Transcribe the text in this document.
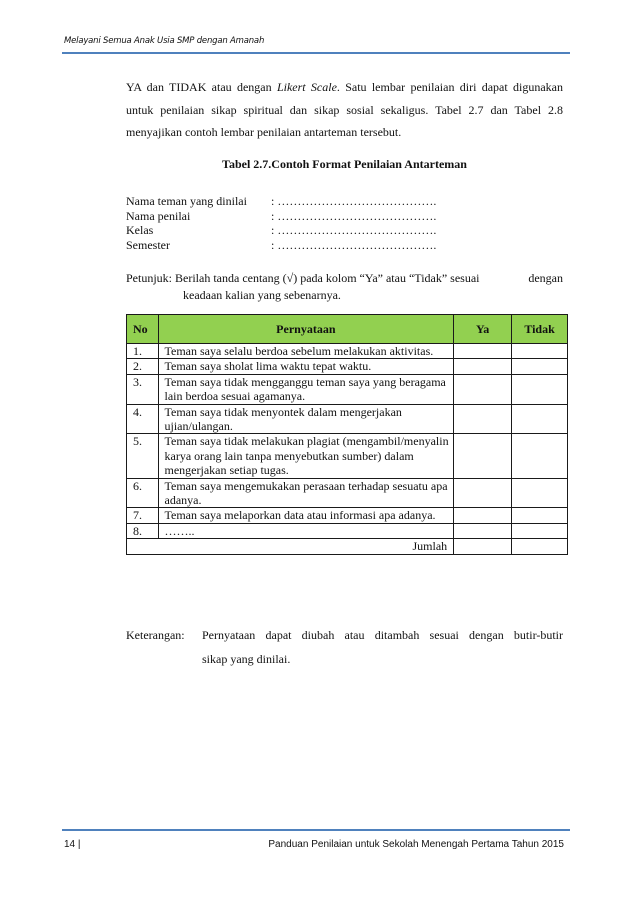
Melayani Semua Anak Usia SMP dengan Amanah
YA dan TIDAK atau dengan Likert Scale. Satu lembar penilaian diri dapat digunakan untuk penilaian sikap spiritual dan sikap sosial sekaligus. Tabel 2.7 dan Tabel 2.8 menyajikan contoh lembar penilaian antarteman tersebut.
Tabel 2.7.Contoh Format Penilaian Antarteman
Nama teman yang dinilai	: ………………………………….
Nama penilai	: ………………………………….
Kelas	: ………………………………….
Semester	: ………………………………….
Petunjuk: Berilah tanda centang (√) pada kolom “Ya” atau “Tidak” sesuai	dengan
keadaan kalian yang sebenarnya.
No	Pernyataan	Ya	Tidak
1.	Teman saya selalu berdoa sebelum melakukan aktivitas.		
2.	Teman saya sholat lima waktu tepat waktu.		
3.	Teman saya tidak mengganggu teman saya yang beragama lain berdoa sesuai agamanya.		
4.	Teman saya tidak menyontek dalam mengerjakan ujian/ulangan.		
5.	Teman saya tidak melakukan plagiat (mengambil/menyalin karya orang lain tanpa menyebutkan sumber) dalam mengerjakan setiap tugas.		
6.	Teman saya mengemukakan perasaan terhadap sesuatu apa adanya.		
7.	Teman saya melaporkan data atau informasi apa adanya.		
8.	……..		
Jumlah			
Keterangan:	Pernyataan dapat diubah atau ditambah sesuai dengan butir-butir
sikap yang dinilai.
14 |	Panduan Penilaian untuk Sekolah Menengah Pertama Tahun 2015
